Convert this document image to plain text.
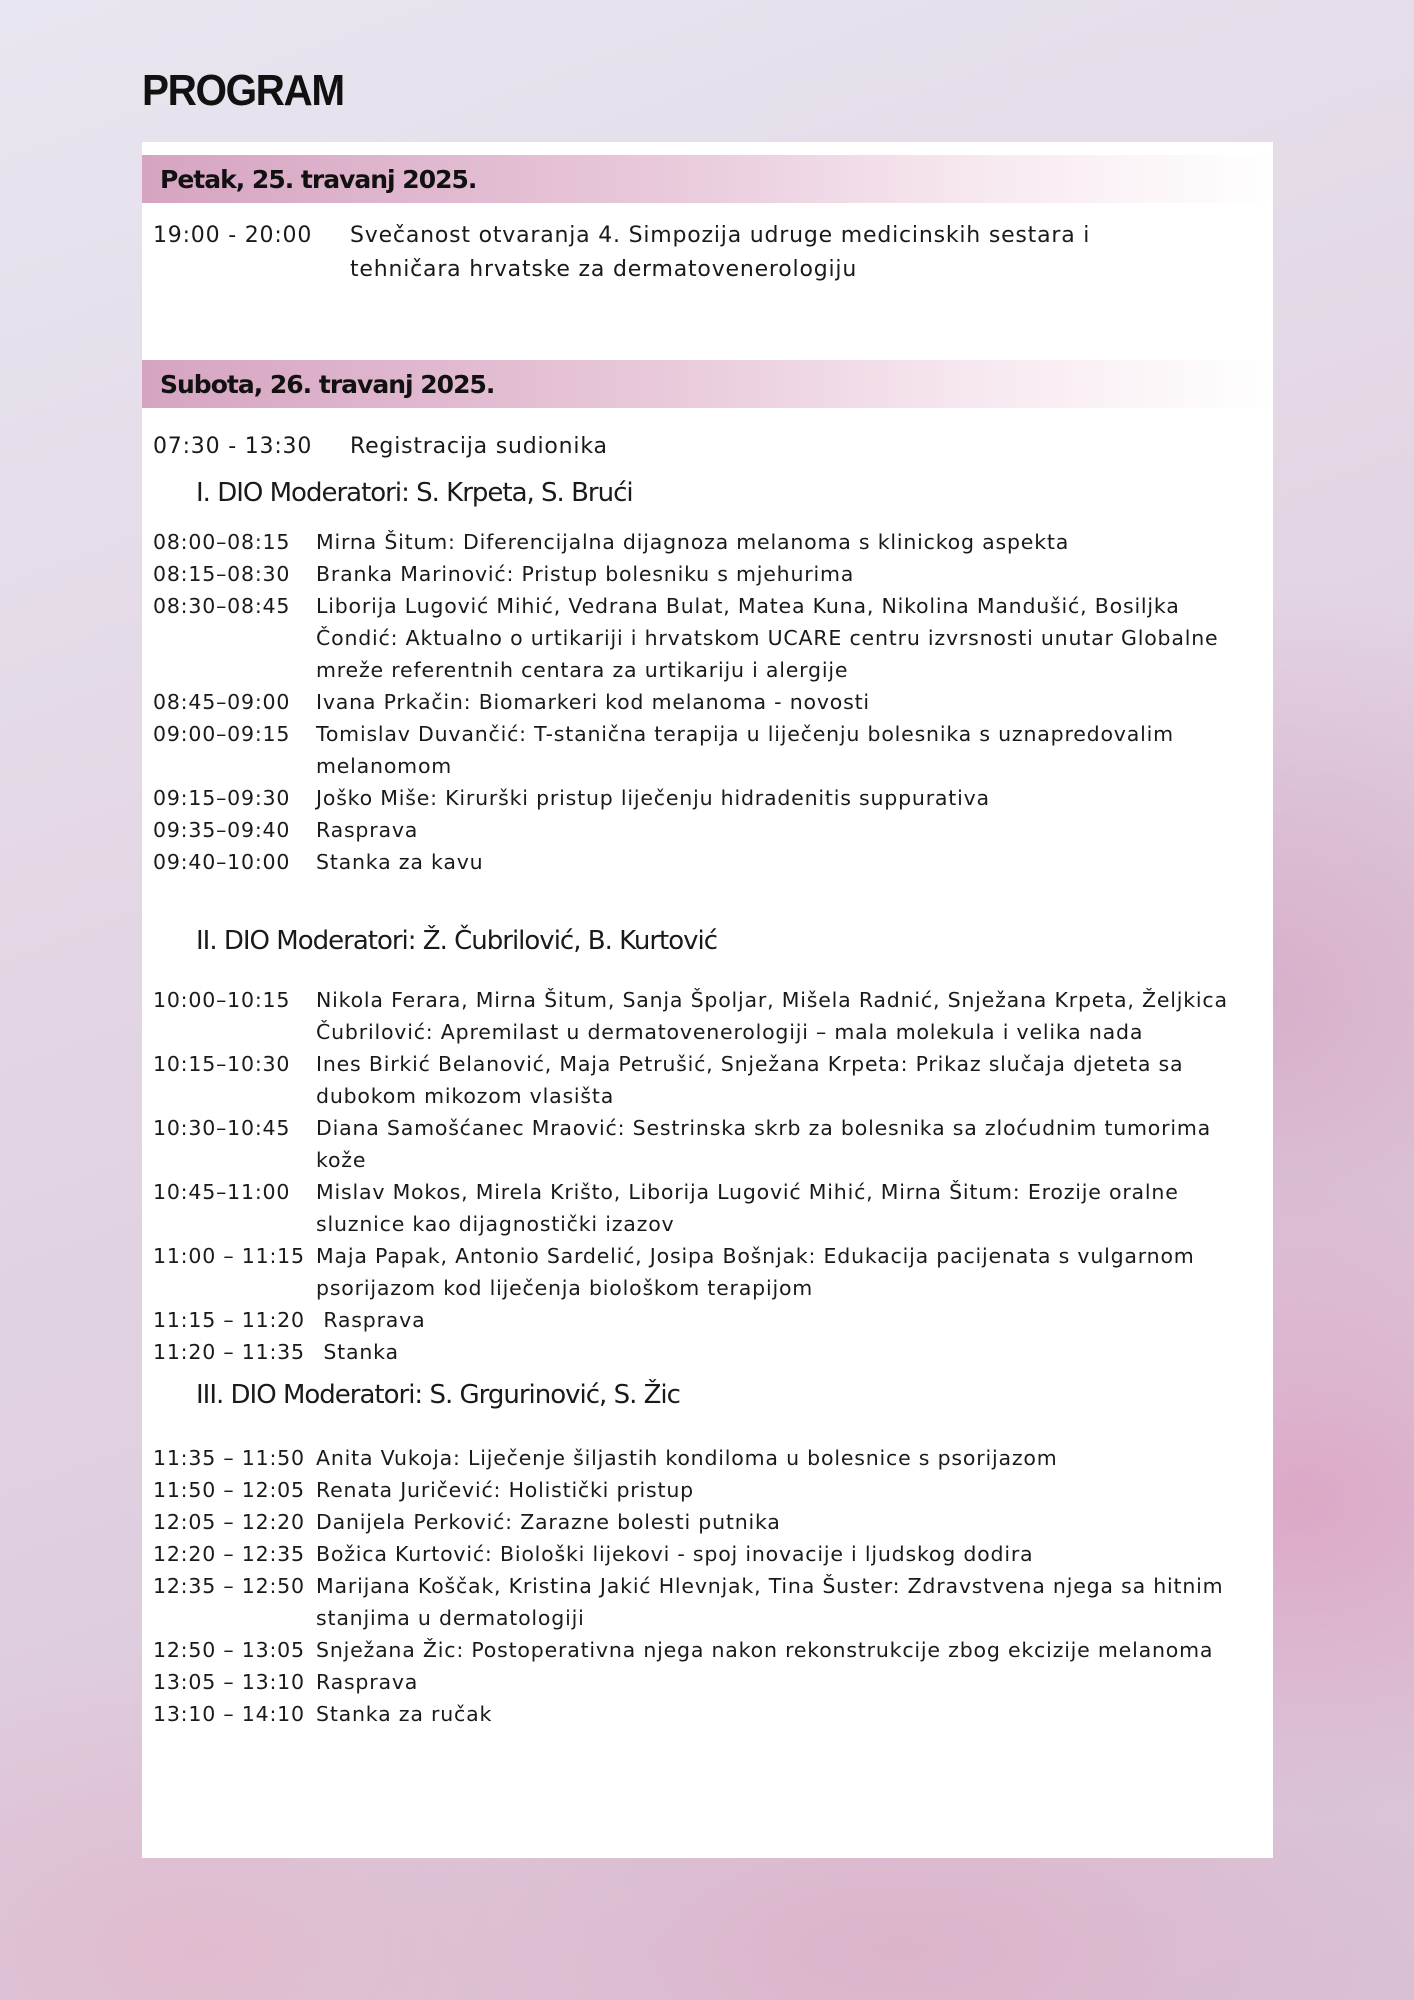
PROGRAM
Petak, 25. travanj 2025.
19:00 - 20:00 Svečanost otvaranja 4. Simpozija udruge medicinskih sestara i tehničara hrvatske za dermatovenerologiju
Subota, 26. travanj 2025.
07:30 - 13:30 Registracija sudionika
I. DIO Moderatori: S. Krpeta, S. Brući
08:00–08:15 Mirna Šitum: Diferencijalna dijagnoza melanoma s klinickog aspekta
08:15–08:30 Branka Marinović: Pristup bolesniku s mjehurima
08:30–08:45 Liborija Lugović Mihić, Vedrana Bulat, Matea Kuna, Nikolina Mandušić, Bosiljka Čondić: Aktualno o urtikariji i hrvatskom UCARE centru izvrsnosti unutar Globalne mreže referentnih centara za urtikariju i alergije
08:45–09:00 Ivana Prkačin: Biomarkeri kod melanoma - novosti
09:00–09:15 Tomislav Duvančić: T-stanična terapija u liječenju bolesnika s uznapredovalim melanomom
09:15–09:30 Joško Miše: Kirurški pristup liječenju hidradenitis suppurativa
09:35–09:40 Rasprava
09:40–10:00 Stanka za kavu
II. DIO Moderatori: Ž. Čubrilović, B. Kurtović
10:00–10:15 Nikola Ferara, Mirna Šitum, Sanja Špoljar, Mišela Radnić, Snježana Krpeta, Željkica Čubrilović: Apremilast u dermatovenerologiji – mala molekula i velika nada
10:15–10:30 Ines Birkić Belanović, Maja Petrušić, Snježana Krpeta: Prikaz slučaja djeteta sa dubokom mikozom vlasišta
10:30–10:45 Diana Samošćanec Mraović: Sestrinska skrb za bolesnika sa zloćudnim tumorima kože
10:45–11:00 Mislav Mokos, Mirela Krišto, Liborija Lugović Mihić, Mirna Šitum: Erozije oralne sluznice kao dijagnostički izazov
11:00 – 11:15 Maja Papak, Antonio Sardelić, Josipa Bošnjak: Edukacija pacijenata s vulgarnom psorijazom kod liječenja biološkom terapijom
11:15 – 11:20 Rasprava
11:20 – 11:35 Stanka
III. DIO Moderatori: S. Grgurinović, S. Žic
11:35 – 11:50 Anita Vukoja: Liječenje šiljastih kondiloma u bolesnice s psorijazom
11:50 – 12:05 Renata Juričević: Holistički pristup
12:05 – 12:20 Danijela Perković: Zarazne bolesti putnika
12:20 – 12:35 Božica Kurtović: Biološki lijekovi - spoj inovacije i ljudskog dodira
12:35 – 12:50 Marijana Koščak, Kristina Jakić Hlevnjak, Tina Šuster: Zdravstvena njega sa hitnim stanjima u dermatologiji
12:50 – 13:05 Snježana Žic: Postoperativna njega nakon rekonstrukcije zbog ekcizije melanoma
13:05 – 13:10 Rasprava
13:10 – 14:10 Stanka za ručak
